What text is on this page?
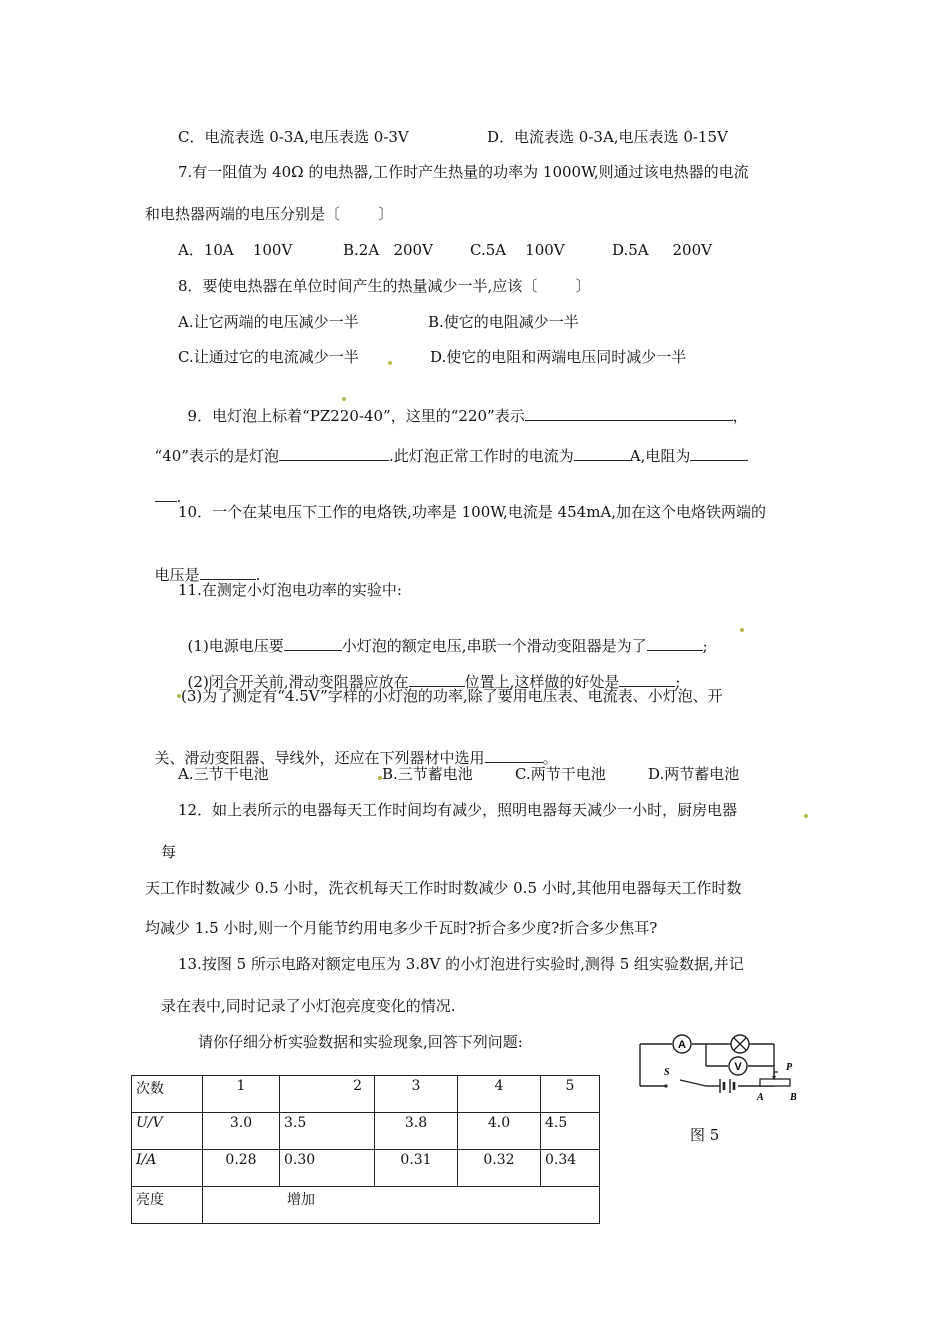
C．电流表选 0-3A,电压表选 0-3V	D．电流表选 0-3A,电压表选 0-15V
7.有一阻值为 40Ω 的电热器,工作时产生热量的功率为 1000W,则通过该电热器的电流
和电热器两端的电压分别是〔        〕
A．10A    100V	B.2A   200V C.5A    100V	D.5A     200V
8．要使电热器在单位时间产生的热量减少一半,应该〔        〕
A.让它两端的电压减少一半	B.使它的电阻减少一半
C.让通过它的电流减少一半	D.使它的电阻和两端电压同时减少一半

9．电灯泡上标着“PZ220-40”，这里的“220”表示	，

“40”表示的是灯泡	.此灯泡正常工作时的电流为	A,电阻为

.

10．一个在某电压下工作的电烙铁,功率是 100W,电流是 454mA,加在这个电烙铁两端的

电压是	.

11.在测定小灯泡电功率的实验中:

(1)电源电压要	小灯泡的额定电压,串联一个滑动变阻器是为了	;

(2)闭合开关前,滑动变阻器应放在	位置上,这样做的好处是	;

(3)为了测定有“4.5V”字样的小灯泡的功率,除了要用电压表、电流表、小灯泡、开

关、滑动变阻器、导线外，还应在下列器材中选用	。

A.三节干电池	B.三节蓄电池	C.两节干电池	D.两节蓄电池
12．如上表所示的电器每天工作时间均有减少，照明电器每天减少一小时，厨房电器
每
天工作时数减少 0.5 小时，洗衣机每天工作时时数减少 0.5 小时,其他用电器每天工作时数
均减少 1.5 小时,则一个月能节约用电多少千瓦时?折合多少度?折合多少焦耳?
13.按图 5 所示电路对额定电压为 3.8V 的小灯泡进行实验时,测得 5 组实验数据,并记
录在表中,同时记录了小灯泡亮度变化的情况.
请你仔细分析实验数据和实验现象,回答下列问题:
次数	1	2	3	4	5
U/V	3.0	3.5	3.8	4.0	4.5
I/A	0.28	0.30	0.31	0.32	0.34
亮度	增加				
A
V
S	P
A	B
图 5
